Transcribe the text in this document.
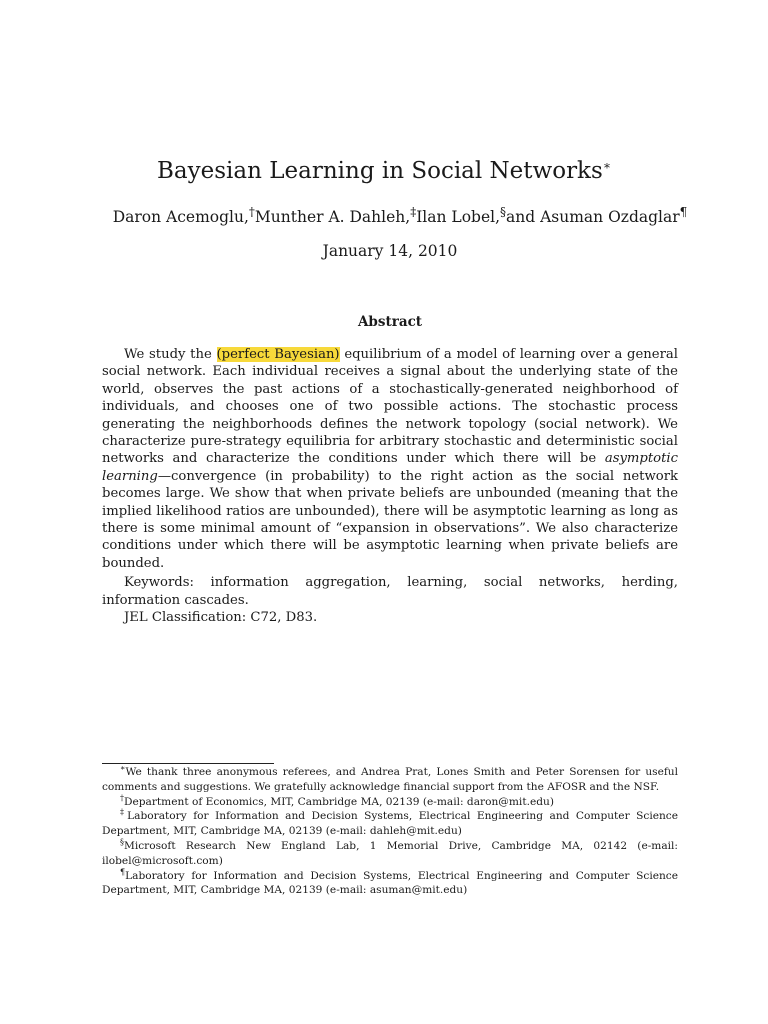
Bayesian Learning in Social Networks∗
Daron Acemoglu,†Munther A. Dahleh,‡Ilan Lobel,§and Asuman Ozdaglar¶
January 14, 2010
Abstract

We study the (perfect Bayesian) equilibrium of a model of learning over a general social network. Each individual receives a signal about the underlying state of the world, observes the past actions of a stochastically-generated neighborhood of individuals, and chooses one of two possible actions. The stochastic process generating the neighborhoods defines the network topology (social network). We characterize pure-strategy equilibria for arbitrary stochastic and deterministic social networks and characterize the conditions under which there will be asymptotic learning—convergence (in probability) to the right action as the social network becomes large. We show that when private beliefs are unbounded (meaning that the implied likelihood ratios are unbounded), there will be asymptotic learning as long as there is some minimal amount of “expansion in observations”. We also characterize conditions under which there will be asymptotic learning when private beliefs are bounded.

Keywords: information aggregation, learning, social networks, herding, information cascades.

JEL Classification: C72, D83.

∗We thank three anonymous referees, and Andrea Prat, Lones Smith and Peter Sorensen for useful comments and suggestions. We gratefully acknowledge financial support from the AFOSR and the NSF.

†Department of Economics, MIT, Cambridge MA, 02139 (e-mail: daron@mit.edu)

‡Laboratory for Information and Decision Systems, Electrical Engineering and Computer Science Department, MIT, Cambridge MA, 02139 (e-mail: dahleh@mit.edu)

§Microsoft Research New England Lab, 1 Memorial Drive, Cambridge MA, 02142 (e-mail: ilobel@microsoft.com)

¶Laboratory for Information and Decision Systems, Electrical Engineering and Computer Science Department, MIT, Cambridge MA, 02139 (e-mail: asuman@mit.edu)
